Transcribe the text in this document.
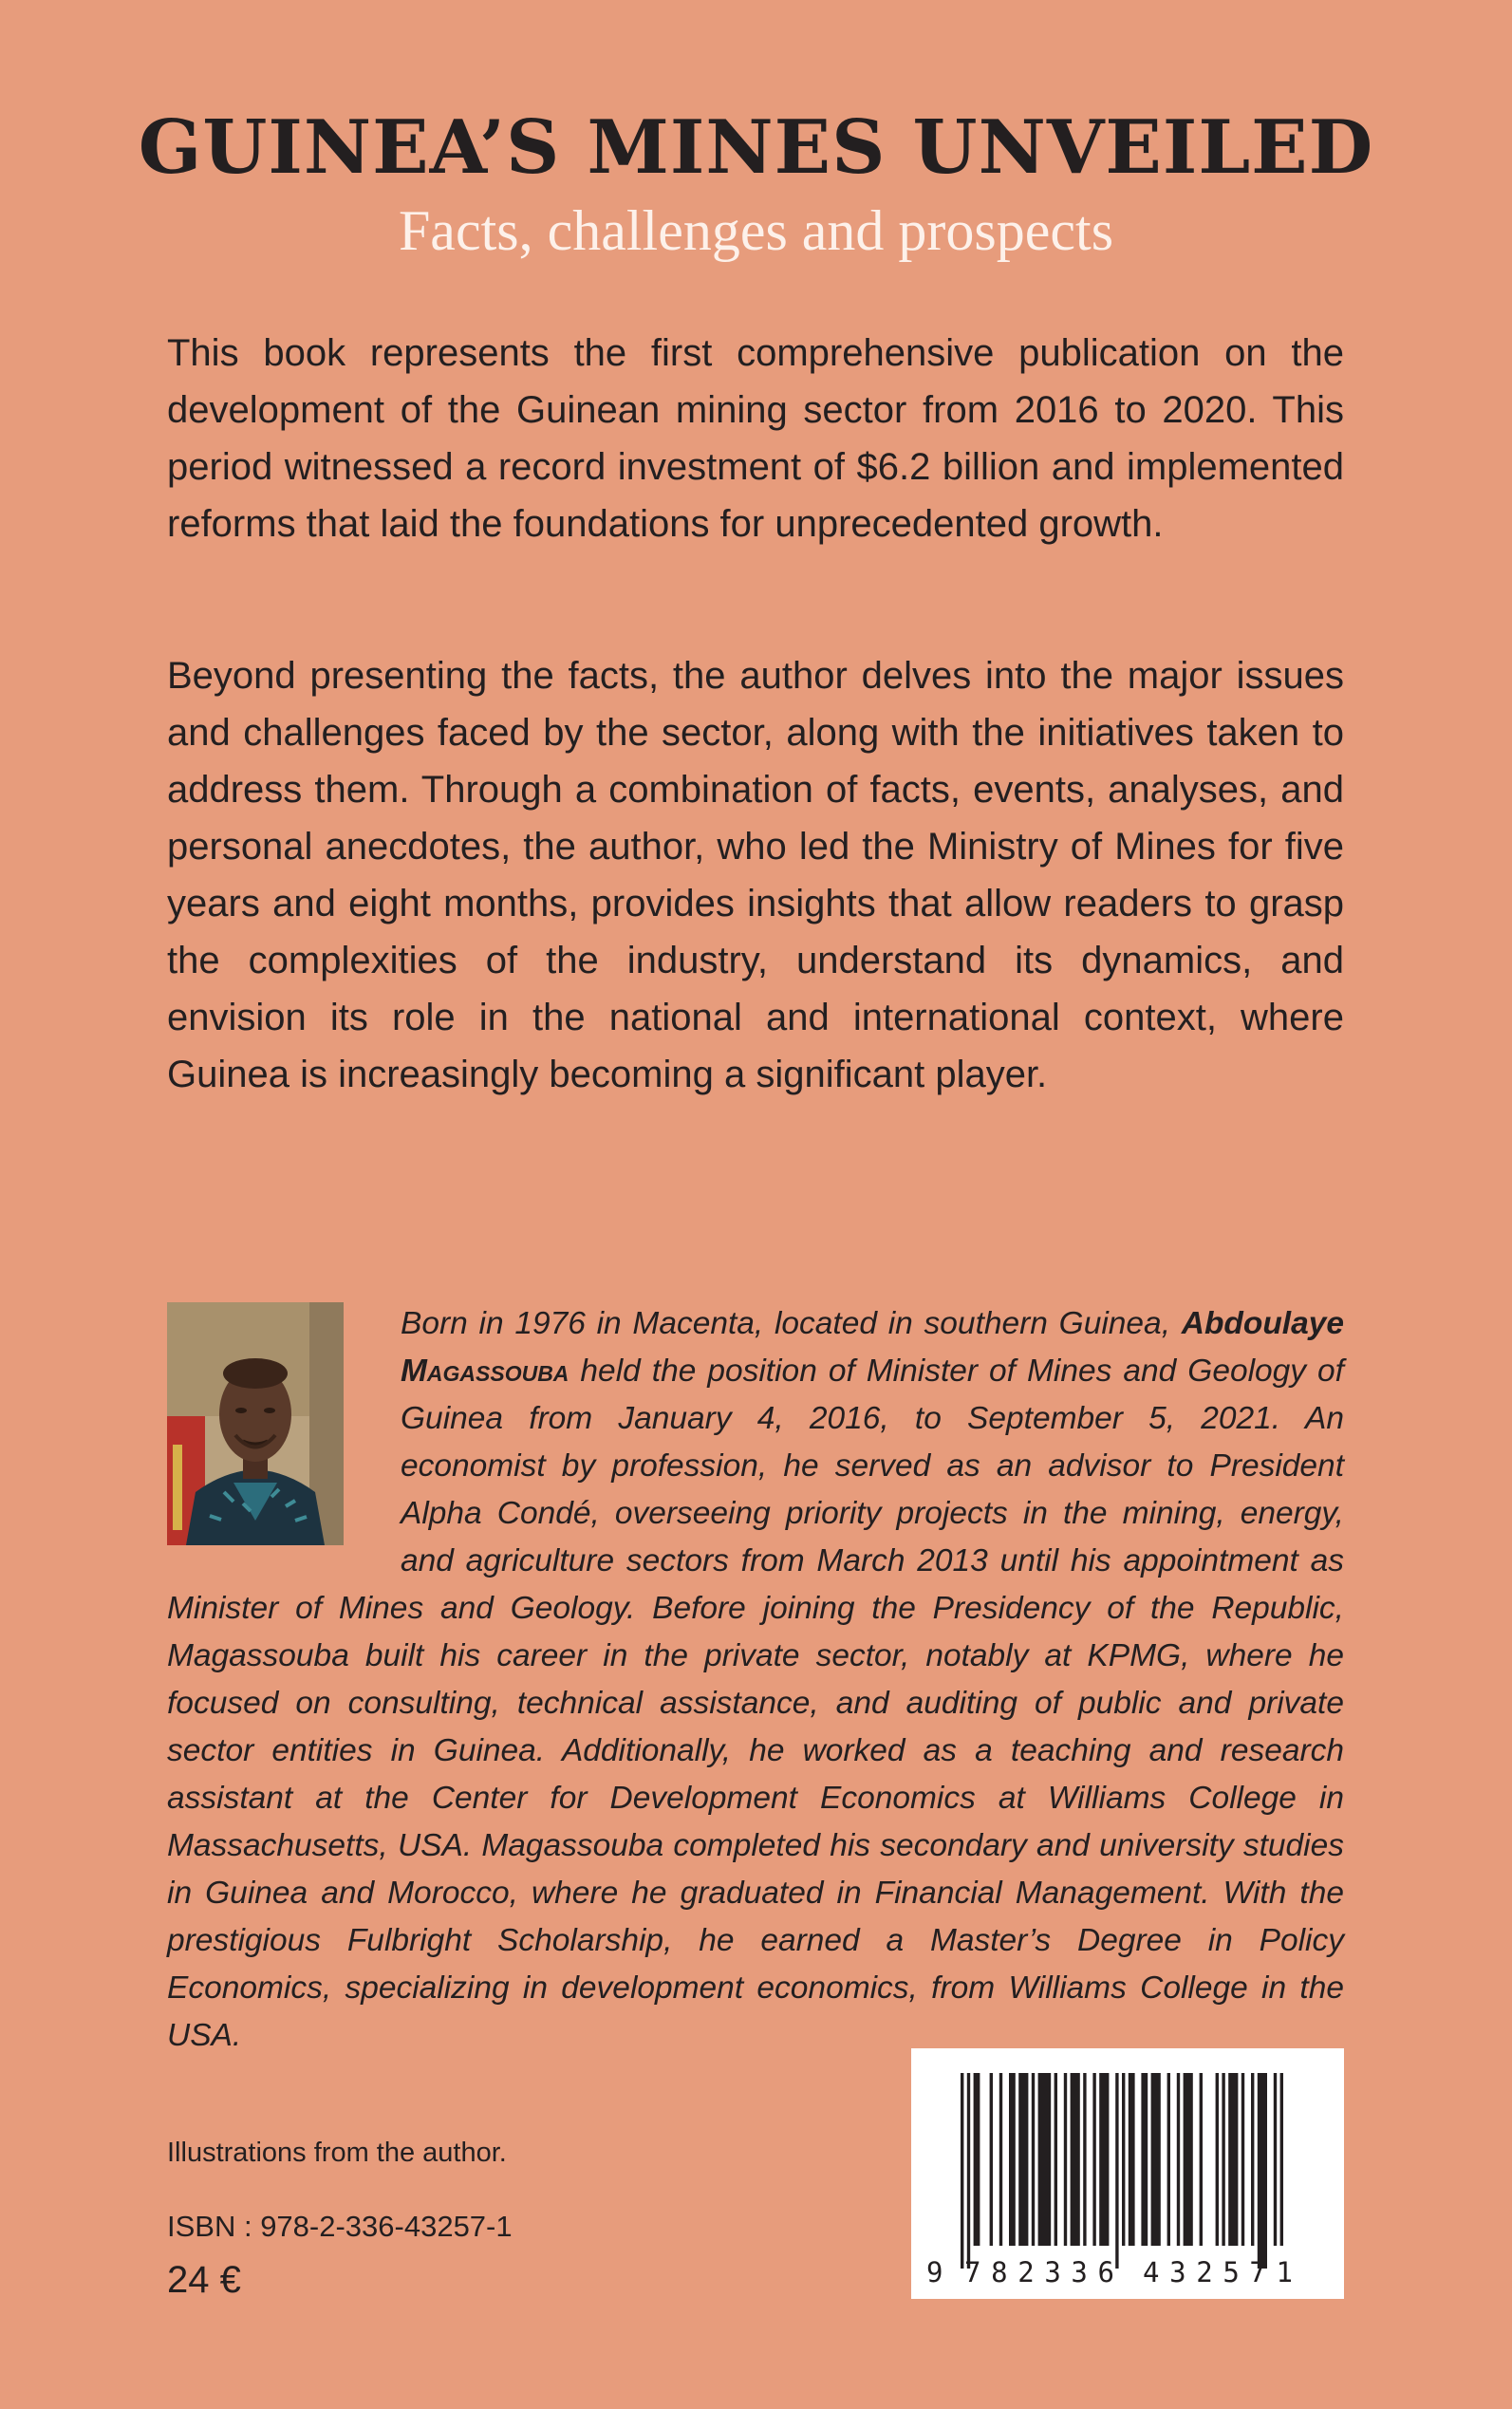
GUINEA’S MINES UNVEILED
Facts, challenges and prospects

This book represents the first comprehensive publication on the development of the Guinean mining sector from 2016 to 2020. This period witnessed a record investment of $6.2 billion and implemented reforms that laid the foundations for unprecedented growth.

Beyond presenting the facts, the author delves into the major issues and challenges faced by the sector, along with the initiatives taken to address them. Through a combination of facts, events, analyses, and personal anecdotes, the author, who led the Ministry of Mines for five years and eight months, provides insights that allow readers to grasp the complexities of the industry, understand its dynamics, and envision its role in the national and international context, where Guinea is increasingly becoming a significant player.

Born in 1976 in Macenta, located in southern Guinea, Abdoulaye Magassouba held the position of Minister of Mines and Geology of Guinea from January 4, 2016, to September 5, 2021. An economist by profession, he served as an advisor to President Alpha Condé, overseeing priority projects in the mining, energy, and agriculture sectors from March 2013 until his appointment as Minister of Mines and Geology. Before joining the Presidency of the Republic, Magassouba built his career in the private sector, notably at KPMG, where he focused on consulting, technical assistance, and auditing of public and private sector entities in Guinea. Additionally, he worked as a teaching and research assistant at the Center for Development Economics at Williams College in Massachusetts, USA. Magassouba completed his secondary and university studies in Guinea and Morocco, where he graduated in Financial Management. With the prestigious Fulbright Scholarship, he earned a Master’s Degree in Policy Economics, specializing in development economics, from Williams College in the USA.

Illustrations from the author.
ISBN : 978-2-336-43257-1
24 €	9 782336 432571
